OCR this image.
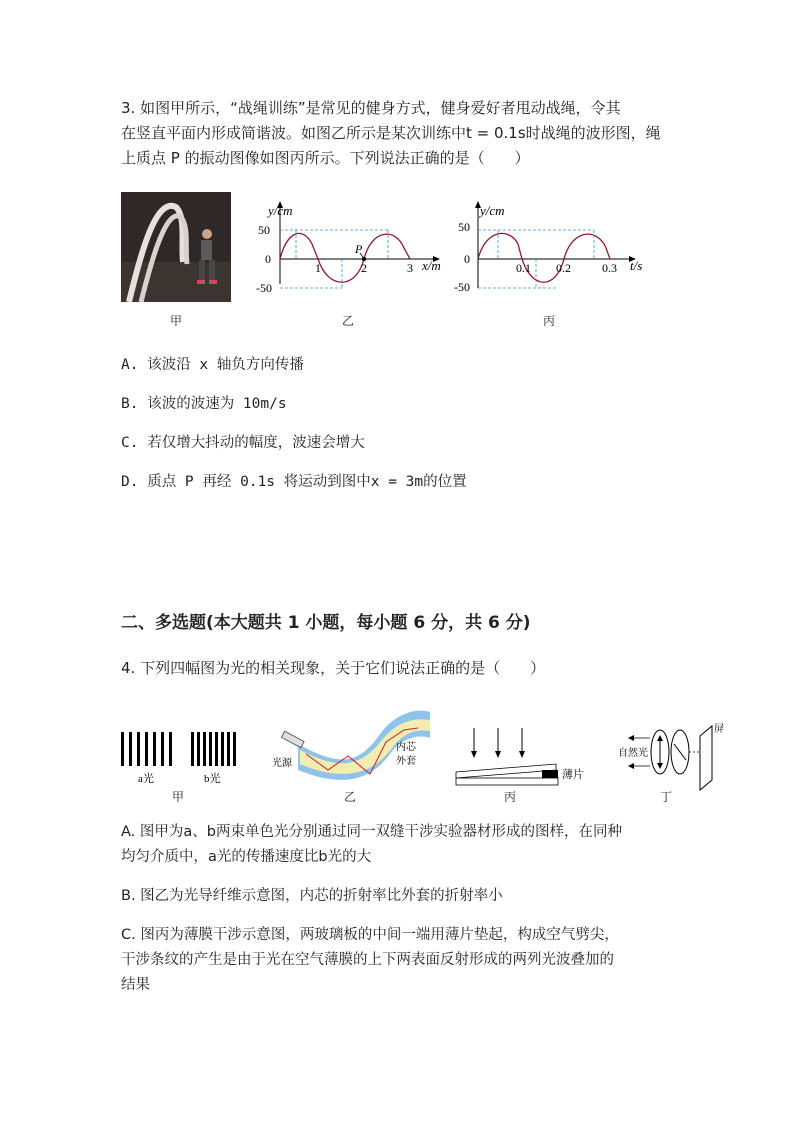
3. 如图甲所示，“战绳训练”是常见的健身方式，健身爱好者甩动战绳，令其
在竖直平面内形成简谐波。如图乙所示是某次训练中t = 0.1s时战绳的波形图，绳
上质点 P 的振动图像如图丙所示。下列说法正确的是（　　）
y/cm
50
0
-50
1	2	3 x/m
P
y/cm
50
0
-50
0.1 0.2	0.3 t/s
甲	乙	丙
A. 该波沿 x 轴负方向传播
B. 该波的波速为 10m/s
C. 若仅增大抖动的幅度，波速会增大
D. 质点 P 再经 0.1s 将运动到图中x = 3m的位置
二、多选题(本大题共 1 小题，每小题 6 分，共 6 分)
4. 下列四幅图为光的相关现象，关于它们说法正确的是（　　）
a光	b光
光源
内芯
外套
薄片
自然光
屏
甲	乙	丙	丁
A. 图甲为a、b两束单色光分别通过同一双缝干涉实验器材形成的图样，在同种
均匀介质中，a光的传播速度比b光的大
B. 图乙为光导纤维示意图，内芯的折射率比外套的折射率小
C. 图丙为薄膜干涉示意图，两玻璃板的中间一端用薄片垫起，构成空气劈尖，
干涉条纹的产生是由于光在空气薄膜的上下两表面反射形成的两列光波叠加的
结果
